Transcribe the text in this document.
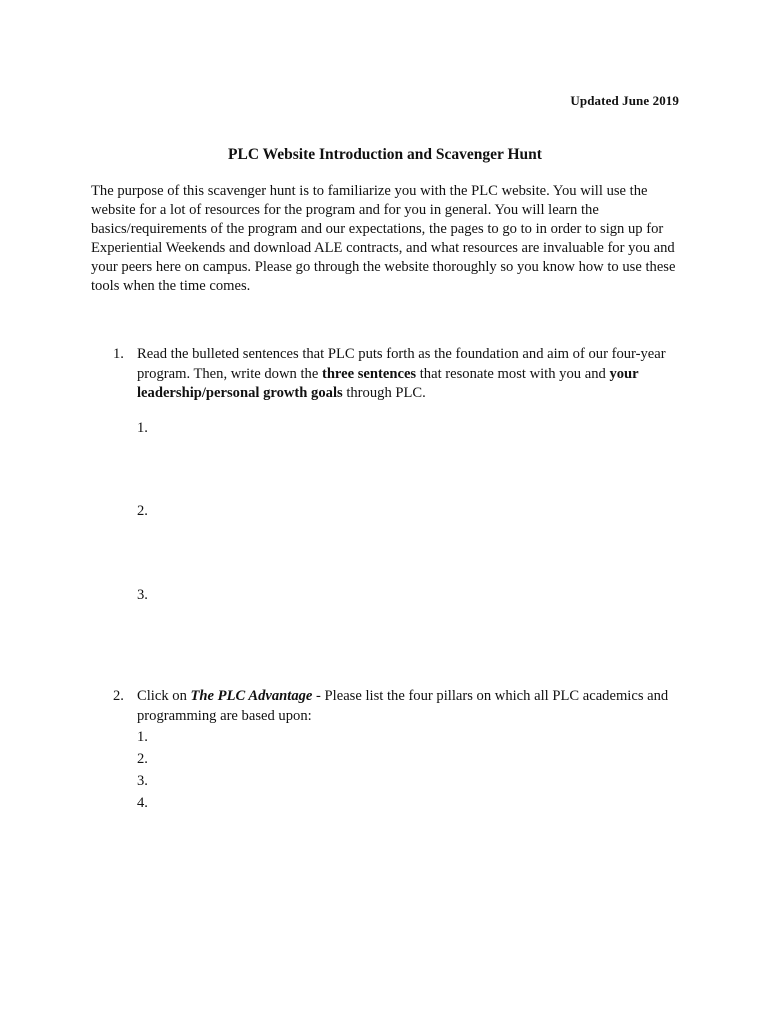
Updated June 2019
PLC Website Introduction and Scavenger Hunt

The purpose of this scavenger hunt is to familiarize you with the PLC website. You will use the website for a lot of resources for the program and for you in general. You will learn the basics/requirements of the program and our expectations, the pages to go to in order to sign up for Experiential Weekends and download ALE contracts, and what resources are invaluable for you and your peers here on campus. Please go through the website thoroughly so you know how to use these tools when the time comes.

1. Read the bulleted sentences that PLC puts forth as the foundation and aim of our four-year program. Then, write down the three sentences that resonate most with you and your leadership/personal growth goals through PLC.
1.
2.
3.
2. Click on The PLC Advantage - Please list the four pillars on which all PLC academics and programming are based upon:
1.
2.
3.
4.
